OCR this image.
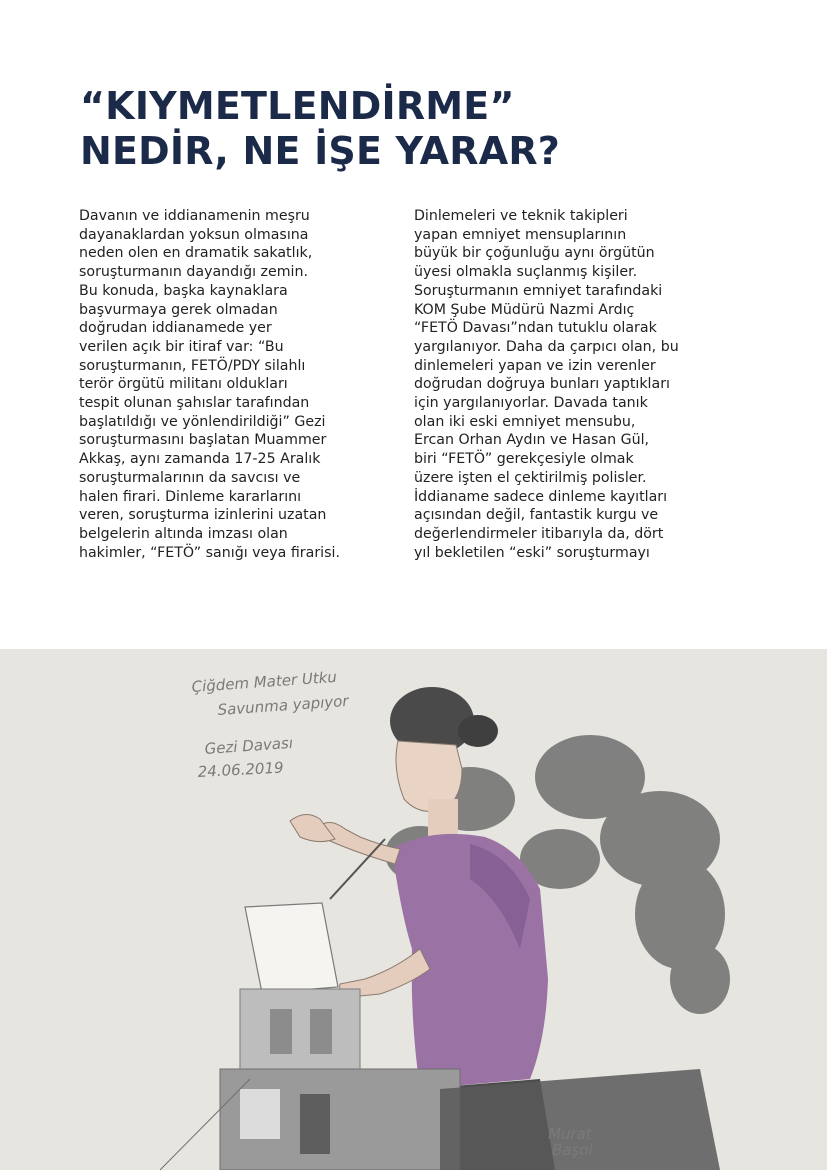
“KIYMETLENDİRME”
NEDİR, NE İŞE YARAR?
Davanın ve iddianamenin meşru
dayanaklardan yoksun olmasına
neden olen en dramatik sakatlık,
soruşturmanın dayandığı zemin.
Bu konuda, başka kaynaklara
başvurmaya gerek olmadan
doğrudan iddianamede yer
verilen açık bir itiraf var: “Bu
soruşturmanın, FETÖ/PDY silahlı
terör örgütü militanı oldukları
tespit olunan şahıslar tarafından
başlatıldığı ve yönlendirildiği” Gezi
soruşturmasını başlatan Muammer
Akkaş, aynı zamanda 17-25 Aralık
soruşturmalarının da savcısı ve
halen firari. Dinleme kararlarını
veren, soruşturma izinlerini uzatan
belgelerin altında imzası olan
hakimler, “FETÖ” sanığı veya firarisi.
Dinlemeleri ve teknik takipleri
yapan emniyet mensuplarının
büyük bir çoğunluğu aynı örgütün
üyesi olmakla suçlanmış kişiler.
Soruşturmanın emniyet tarafındaki
KOM Şube Müdürü Nazmi Ardıç
“FETÖ Davası”ndan tutuklu olarak
yargılanıyor. Daha da çarpıcı olan, bu
dinlemeleri yapan ve izin verenler
doğrudan doğruya bunları yaptıkları
için yargılanıyorlar. Davada tanık
olan iki eski emniyet mensubu,
Ercan Orhan Aydın ve Hasan Gül,
biri “FETÖ” gerekçesiyle olmak
üzere işten el çektirilmiş polisler.
İddianame sadece dinleme kayıtları
açısından değil, fantastik kurgu ve
değerlendirmeler itibarıyla da, dört
yıl bekletilen “eski” soruşturmayı
Çiğdem Mater Utku
Savunma yapıyor
Gezi Davası
24.06.2019
Murat
Başol
